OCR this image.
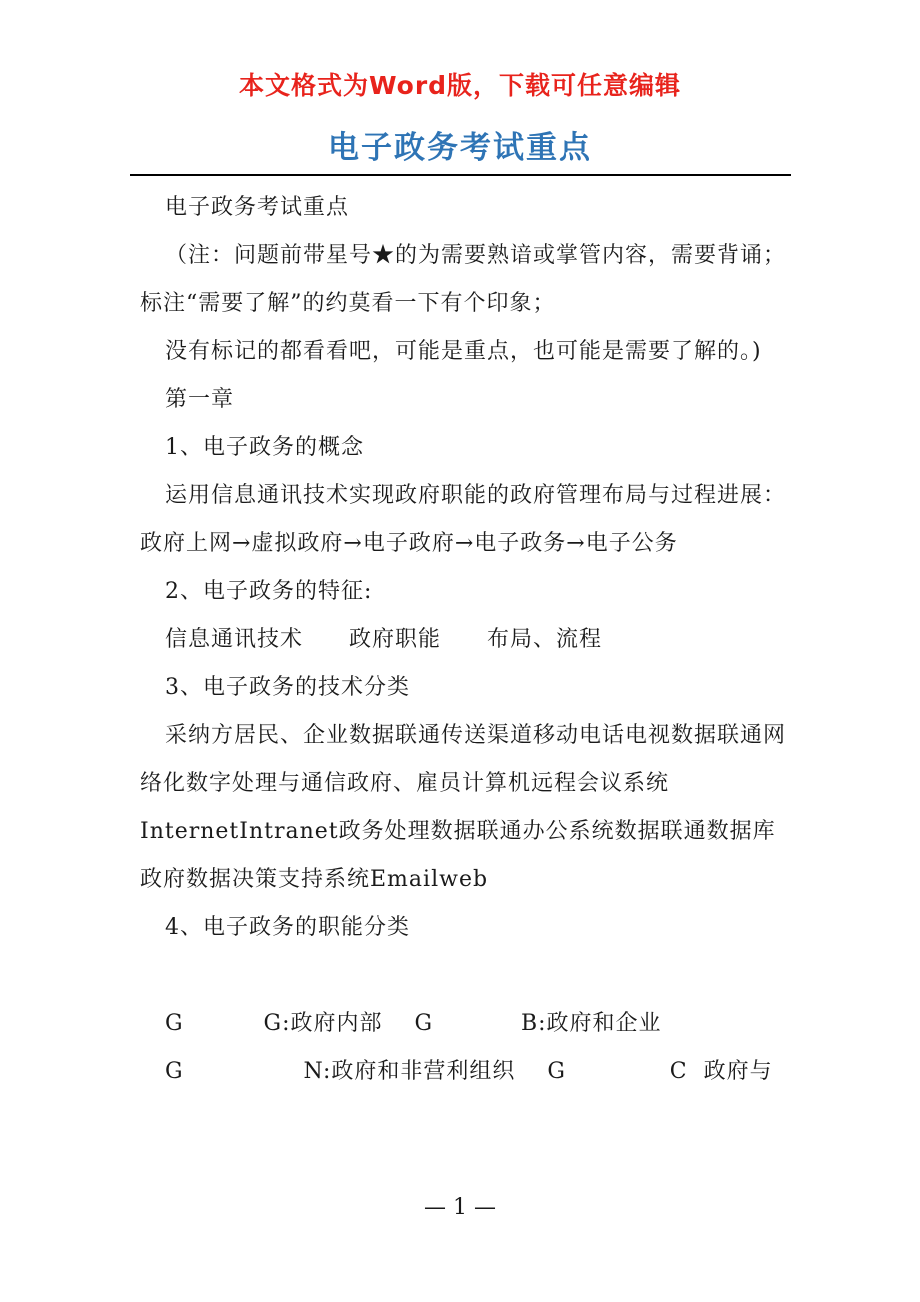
本文格式为Word版，下载可任意编辑
电子政务考试重点

电子政务考试重点

（注：问题前带星号★的为需要熟谙或掌管内容，需要背诵； 标注“需要了解”的约莫看一下有个印象；

没有标记的都看看吧，可能是重点，也可能是需要了解的。)

第一章

1、电子政务的概念

运用信息通讯技术实现政府职能的政府管理布局与过程进展：政府上网→虚拟政府→电子政府→电子政务→电子公务

2、电子政务的特征:

信息通讯技术　　政府职能　　布局、流程

3、电子政务的技术分类

采纳方居民、企业数据联通传送渠道移动电话电视数据联通网络化数字处理与通信政府、雇员计算机远程会议系统InternetIntranet政务处理数据联通办公系统数据联通数据库政府数据决策支持系统Emailweb

4、电子政务的职能分类

G          G:政府内部    G           B:政府和企业

G               N:政府和非营利组织    G             C  政府与

— 1 —
